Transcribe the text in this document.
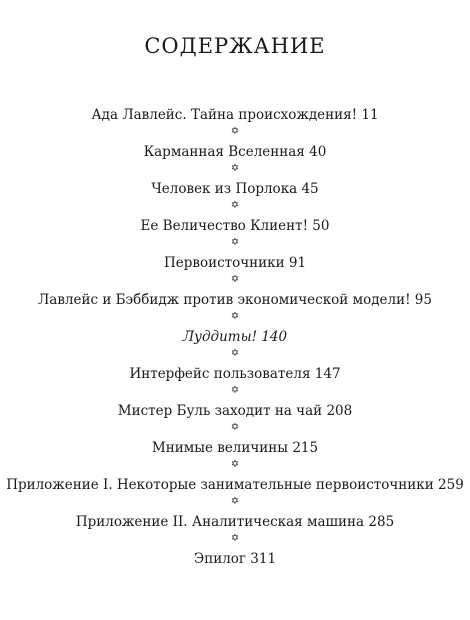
СОДЕРЖАНИЕ
Ада Лавлейс. Тайна происхождения! 11
✡
Карманная Вселенная 40
✡
Человек из Порлока 45
✡
Ее Величество Клиент! 50
✡
Первоисточники 91
✡
Лавлейс и Бэббидж против экономической модели! 95
✡
Луддиты! 140
✡
Интерфейс пользователя 147
✡
Мистер Буль заходит на чай 208
✡
Мнимые величины 215
✡
Приложение I. Некоторые занимательные первоисточники 259
✡
Приложение II. Аналитическая машина 285
✡
Эпилог 311
